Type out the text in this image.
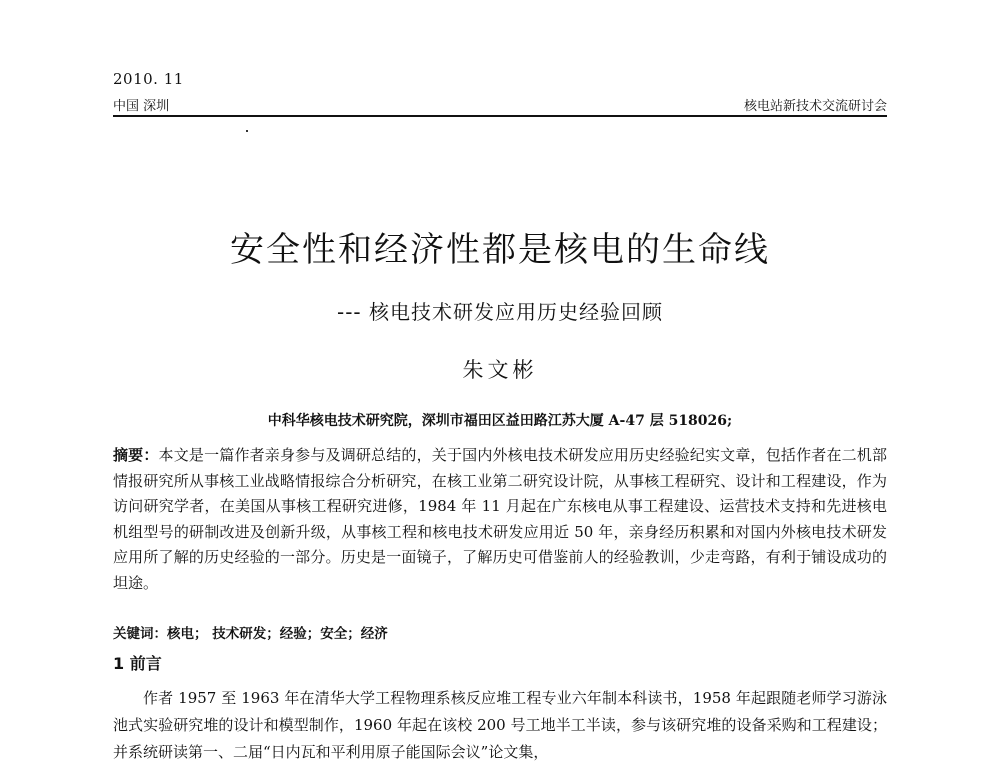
2010. 11
中国 深圳	核电站新技术交流研讨会
安全性和经济性都是核电的生命线
--- 核电技术研发应用历史经验回顾
朱文彬
中科华核电技术研究院，深圳市福田区益田路江苏大厦 A-47 层 518026;
摘要：本文是一篇作者亲身参与及调研总结的，关于国内外核电技术研发应用历史经验纪实文章，包括作者在二机部情报研究所从事核工业战略情报综合分析研究，在核工业第二研究设计院，从事核工程研究、设计和工程建设，作为访问研究学者，在美国从事核工程研究进修，1984 年 11 月起在广东核电从事工程建设、运营技术支持和先进核电机组型号的研制改进及创新升级，从事核工程和核电技术研发应用近 50 年，亲身经历积累和对国内外核电技术研发应用所了解的历史经验的一部分。历史是一面镜子，了解历史可借鉴前人的经验教训，少走弯路，有利于铺设成功的坦途。
关键词：核电； 技术研发；经验；安全；经济
1 前言
作者 1957 至 1963 年在清华大学工程物理系核反应堆工程专业六年制本科读书，1958 年起跟随老师学习游泳池式实验研究堆的设计和模型制作，1960 年起在该校 200 号工地半工半读，参与该研究堆的设备采购和工程建设；并系统研读第一、二届“日内瓦和平利用原子能国际会议”论文集，
